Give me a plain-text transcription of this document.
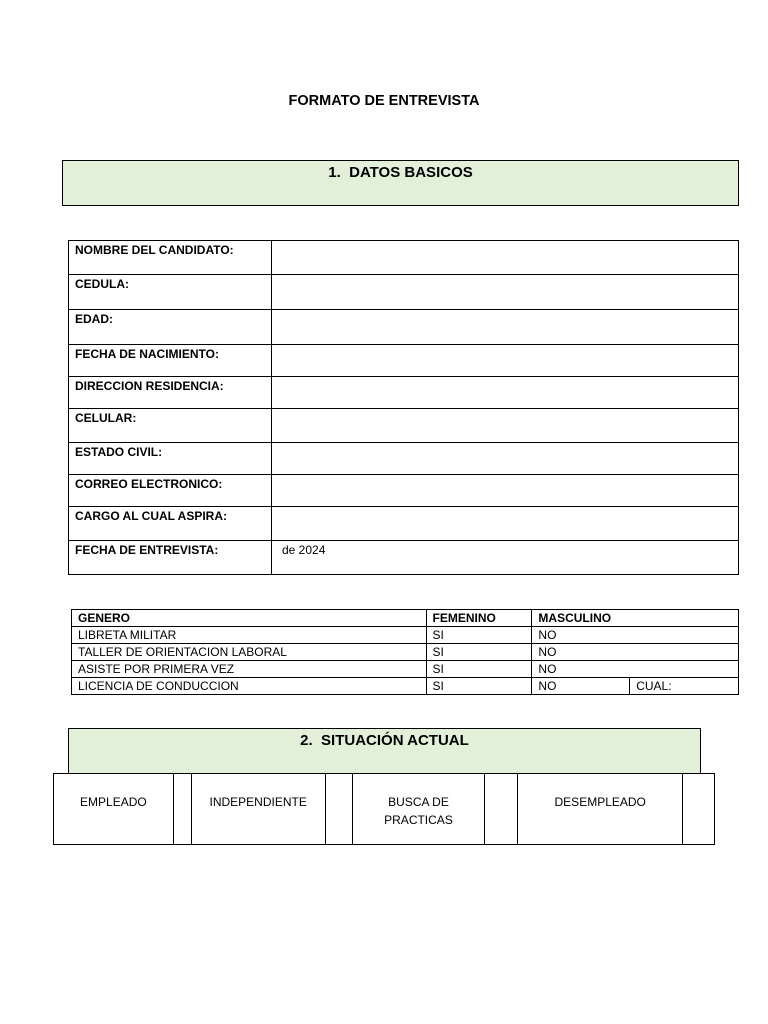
FORMATO DE ENTREVISTA
1. DATOS BASICOS
NOMBRE DEL CANDIDATO:	
CEDULA:	
EDAD:	
FECHA DE NACIMIENTO:	
DIRECCION RESIDENCIA:	
CELULAR:	
ESTADO CIVIL:	
CORREO ELECTRONICO:	
CARGO AL CUAL ASPIRA:	
FECHA DE ENTREVISTA:	de 2024
GENERO	FEMENINO	MASCULINO	
LIBRETA MILITAR	SI	NO	
TALLER DE ORIENTACION LABORAL	SI	NO	
ASISTE POR PRIMERA VEZ	SI	NO	
LICENCIA DE CONDUCCION	SI	NO	CUAL:
2. SITUACIÓN ACTUAL
EMPLEADO		INDEPENDIENTE		BUSCA DE PRACTICAS		DESEMPLEADO	
